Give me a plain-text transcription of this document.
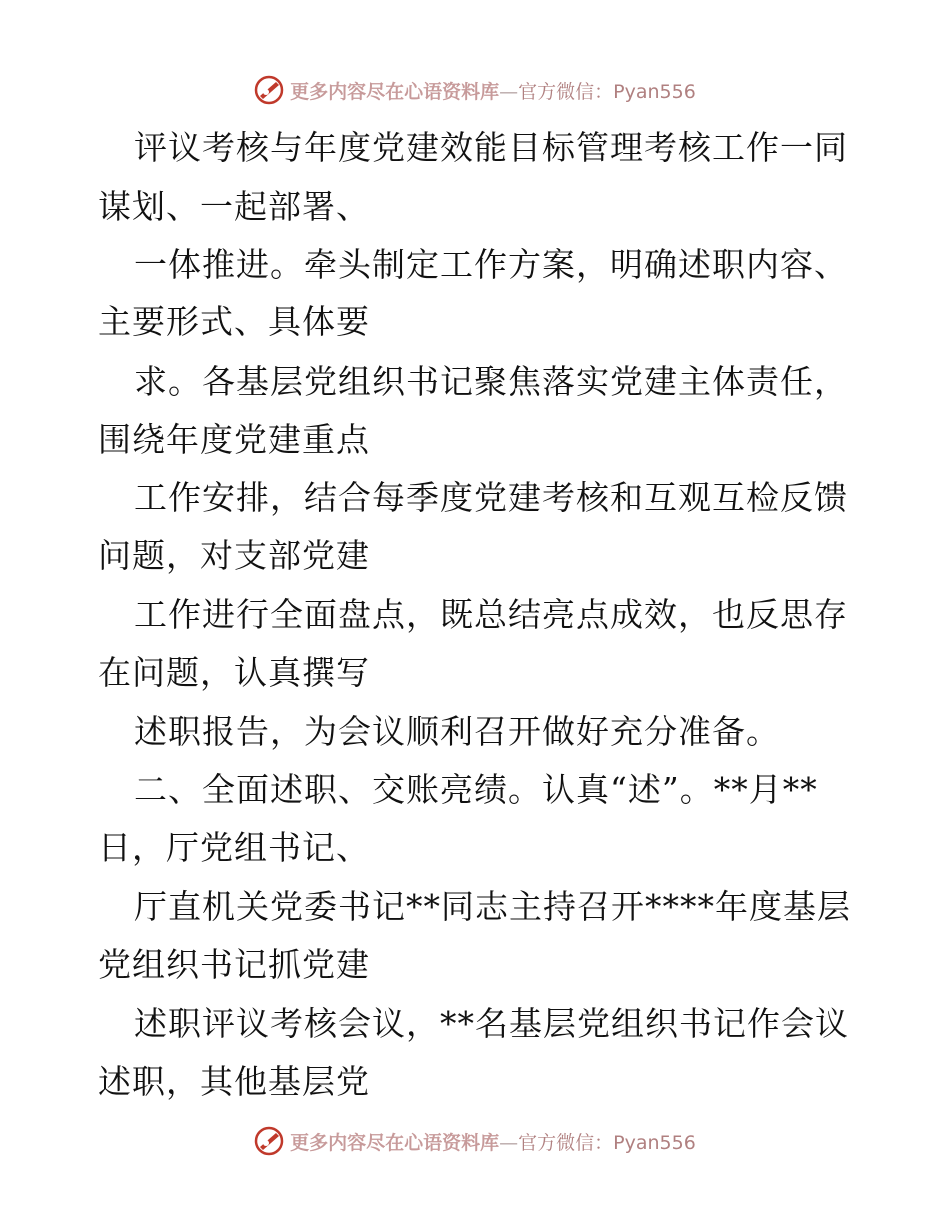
更多内容尽在心语资料库—官方微信：Pyan556
评议考核与年度党建效能目标管理考核工作一同
谋划、一起部署、
一体推进。牵头制定工作方案，明确述职内容、
主要形式、具体要
求。各基层党组织书记聚焦落实党建主体责任，
围绕年度党建重点
工作安排，结合每季度党建考核和互观互检反馈
问题，对支部党建
工作进行全面盘点，既总结亮点成效，也反思存
在问题，认真撰写
述职报告，为会议顺利召开做好充分准备。
二、全面述职、交账亮绩。认真“述”。**月**
日，厅党组书记、
厅直机关党委书记**同志主持召开****年度基层
党组织书记抓党建
述职评议考核会议，**名基层党组织书记作会议
述职，其他基层党
更多内容尽在心语资料库—官方微信：Pyan556
